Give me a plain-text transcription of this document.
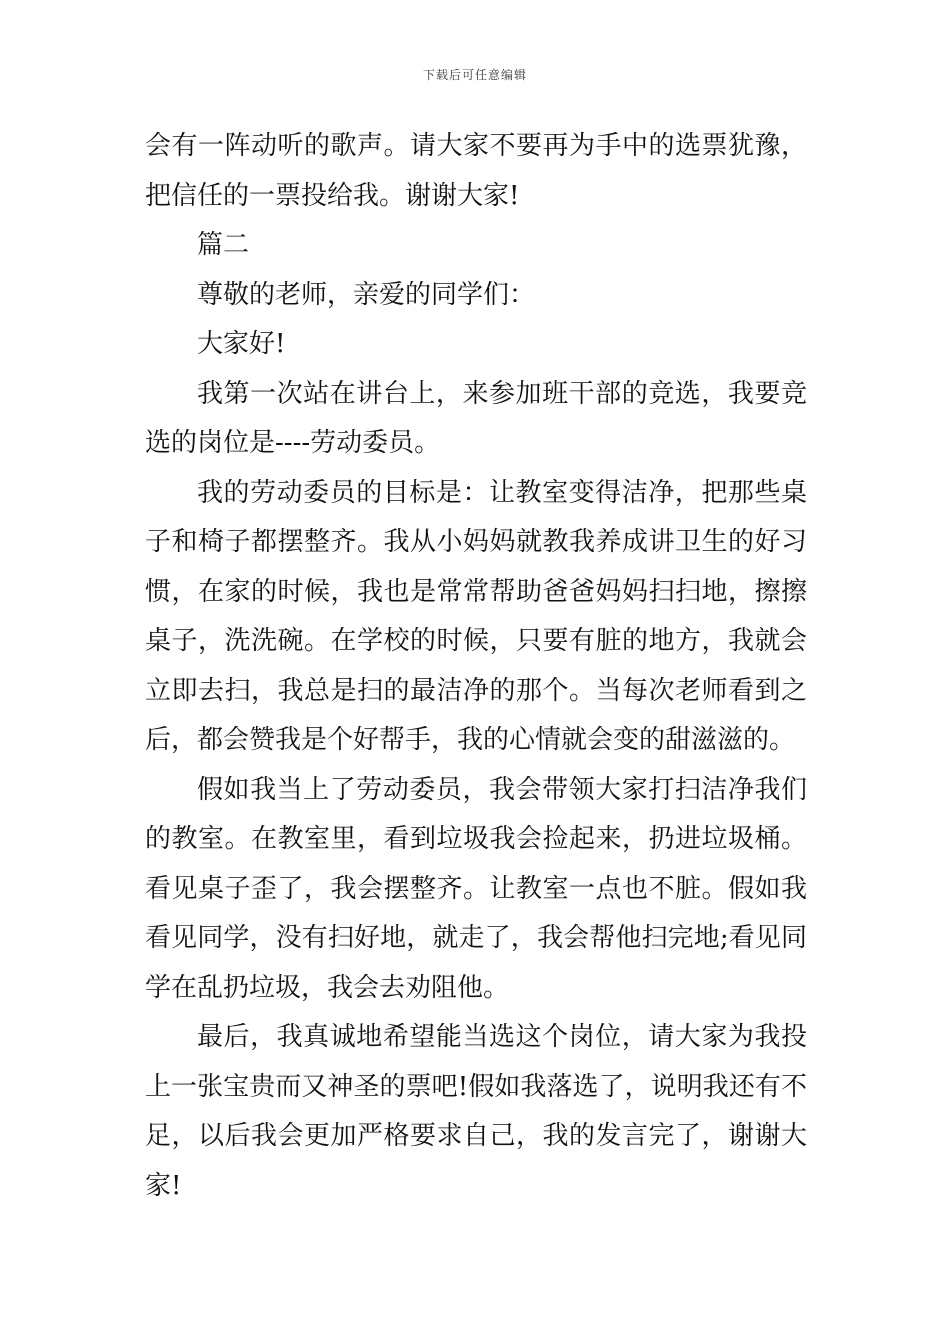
下载后可任意编辑

会有一阵动听的歌声。请大家不要再为手中的选票犹豫，把信任的一票投给我。谢谢大家!

篇二

尊敬的老师，亲爱的同学们：

大家好!

我第一次站在讲台上，来参加班干部的竞选，我要竞选的岗位是----劳动委员。

我的劳动委员的目标是：让教室变得洁净，把那些桌子和椅子都摆整齐。我从小妈妈就教我养成讲卫生的好习惯，在家的时候，我也是常常帮助爸爸妈妈扫扫地，擦擦桌子，洗洗碗。在学校的时候，只要有脏的地方，我就会立即去扫，我总是扫的最洁净的那个。当每次老师看到之后，都会赞我是个好帮手，我的心情就会变的甜滋滋的。

假如我当上了劳动委员，我会带领大家打扫洁净我们的教室。在教室里，看到垃圾我会捡起来，扔进垃圾桶。看见桌子歪了，我会摆整齐。让教室一点也不脏。假如我看见同学，没有扫好地，就走了，我会帮他扫完地;看见同学在乱扔垃圾，我会去劝阻他。

最后，我真诚地希望能当选这个岗位，请大家为我投上一张宝贵而又神圣的票吧!假如我落选了，说明我还有不足，以后我会更加严格要求自己，我的发言完了，谢谢大家!
